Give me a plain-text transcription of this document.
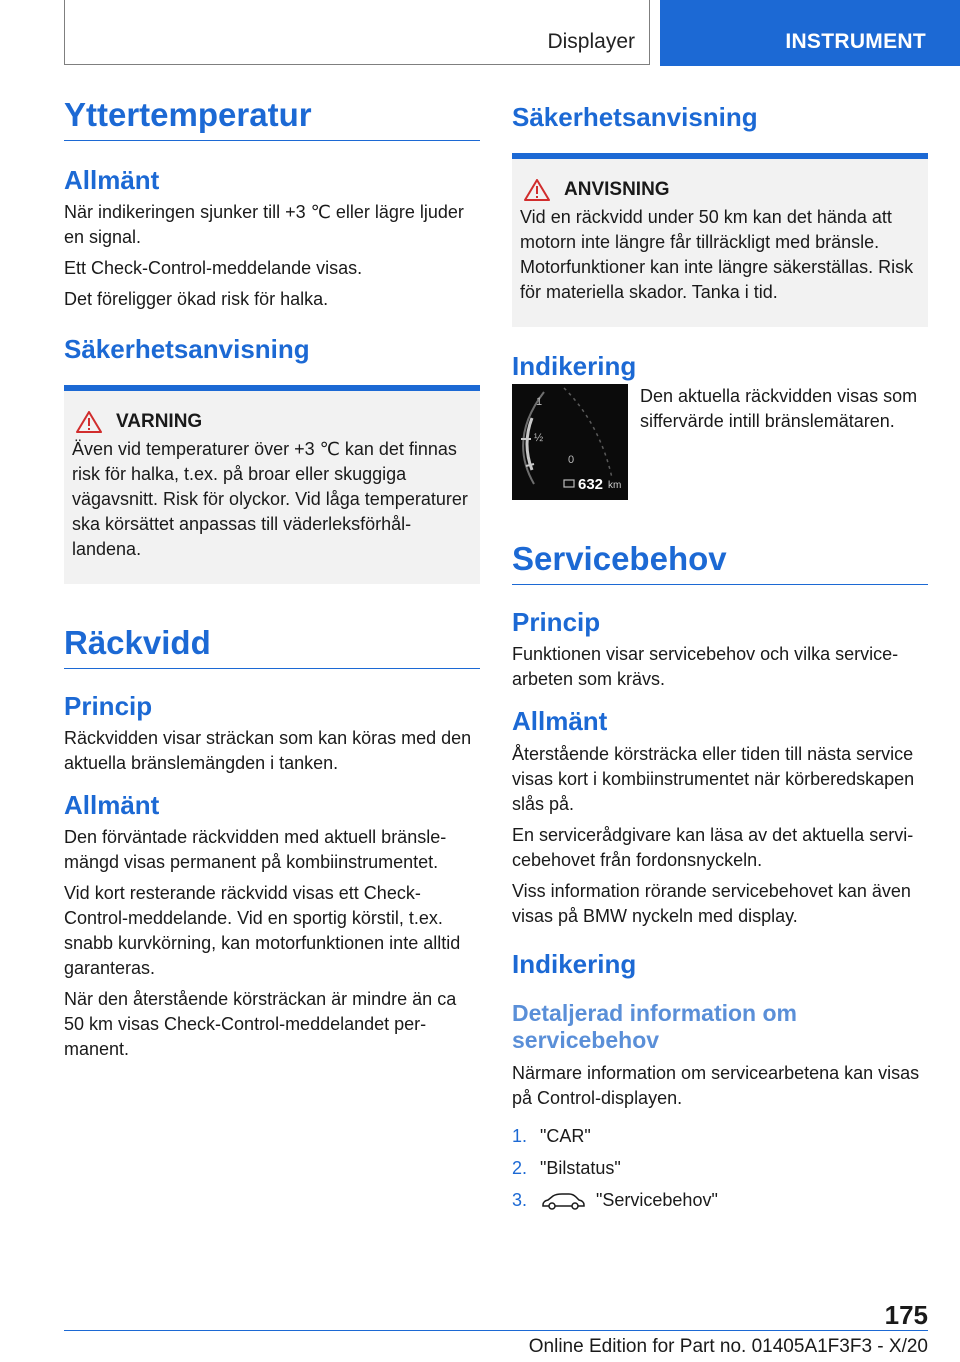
Displayer	INSTRUMENT
Yttertemperatur
Allmänt

När indikeringen sjunker till +3 ℃ eller lägre ljuder en signal.

Ett Check-Control-meddelande visas.

Det föreligger ökad risk för halka.

Säkerhetsanvisning
VARNING

Även vid temperaturer över +3 ℃ kan det finnas risk för halka, t.ex. på broar eller skuggiga vägavsnitt. Risk för olyckor. Vid låga temperaturer ska körsättet anpassas till väderleksförhållandena.

Räckvidd
Princip

Räckvidden visar sträckan som kan köras med den aktuella bränslemängden i tanken.

Allmänt

Den förväntade räckvidden med aktuell bränslemängd visas permanent på kombiinstrumentet.

Vid kort resterande räckvidd visas ett Check-Control-meddelande. Vid en sportig körstil, t.ex. snabb kurvkörning, kan motorfunktionen inte alltid garanteras.

När den återstående körsträckan är mindre än ca 50 km visas Check-Control-meddelandet permanent.

Säkerhetsanvisning
ANVISNING

Vid en räckvidd under 50 km kan det hända att motorn inte längre får tillräckligt med bränsle. Motorfunktioner kan inte längre säkerställas. Risk för materiella skador. Tanka i tid.

Indikering
1
½
0
632 km

Den aktuella räckvidden visas som siffervärde intill bränslemätaren.

Servicebehov
Princip

Funktionen visar servicebehov och vilka servicearbeten som krävs.

Allmänt

Återstående körsträcka eller tiden till nästa service visas kort i kombiinstrumentet när körberedskapen slås på.

En servicerådgivare kan läsa av det aktuella servicebehovet från fordonsnyckeln.

Viss information rörande servicebehovet kan även visas på BMW nyckeln med display.

Indikering
Detaljerad information om servicebehov

Närmare information om servicearbetena kan visas på Control-displayen.

1. "CAR"
2. "Bilstatus"
3.	"Servicebehov"
175
Online Edition for Part no. 01405A1F3F3 - X/20
